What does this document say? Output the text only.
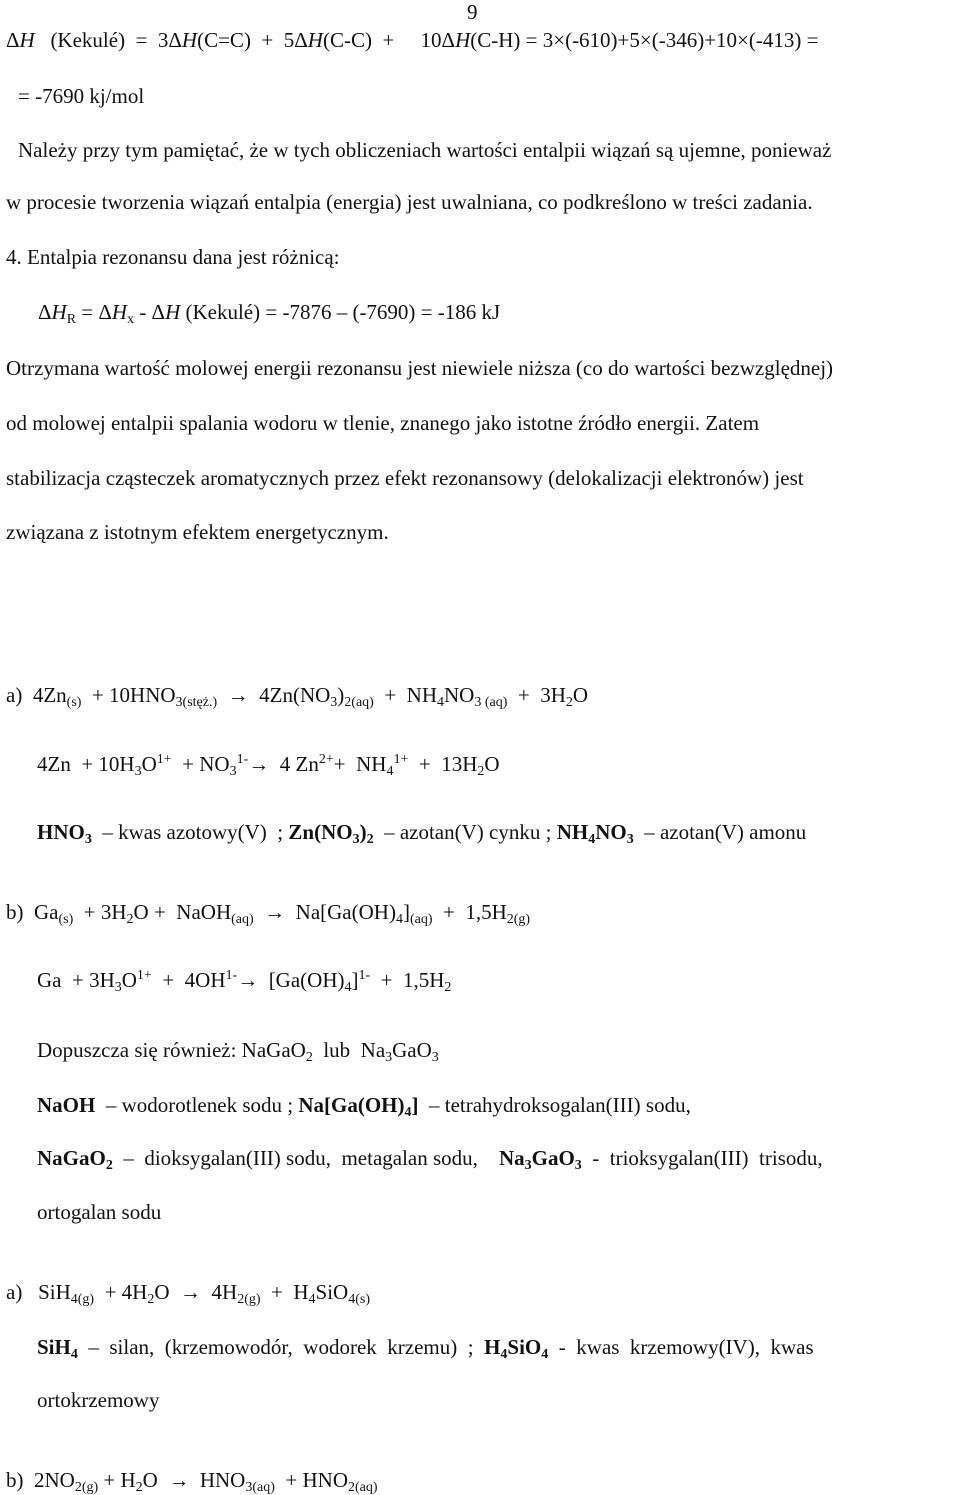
9
ΔH   (Kekulé)  =  3ΔH(C=C)  +  5ΔH(C-C)  +     10ΔH(C-H) = 3×(-610)+5×(-346)+10×(-413) =
= -7690 kj/mol
Należy przy tym pamiętać, że w tych obliczeniach wartości entalpii wiązań są ujemne, ponieważ
w procesie tworzenia wiązań entalpia (energia) jest uwalniana, co podkreślono w treści zadania.
4. Entalpia rezonansu dana jest różnicą:
$\Delta H_R = \Delta H_x - \Delta H$ (Kekulé) = -7876 – (-7690) = -186 kJ
Otrzymana wartość molowej energii rezonansu jest niewiele niższa (co do wartości bezwzględnej)
od molowej entalpii spalania wodoru w tlenie, znanego jako istotne źródło energii. Zatem
stabilizacja cząsteczek aromatycznych przez efekt rezonansowy (delokalizacji elektronów) jest
związana z istotnym efektem energetycznym.
a)  $4Zn_{(s)} + 10HNO_{3(stęż.)} \to 4Zn(NO_3)_{2(aq)} + NH_4NO_{3 (aq)} + 3H_2O$
$4Zn + 10H_3O^{1+} + NO_3^{1-}\to 4$ $Zn^{2+}+ NH_4^{1+} + 13H_2O$
$HNO_3$  – kwas azotowy(V)  ; $Zn(NO_3)_2 - azotan(V)$ cynku ; $NH_4NO_3 - azotan(V)$ amonu
b)  $Ga_{(s)} + 3H_2O$ +  NaOH$_{(aq)}$  →  $Na[Ga(OH)_4]_{(aq)} + 1,5H_{2(g)}$
$Ga + 3H_3O^{1+} + 4OH^{1-}\to [Ga(OH)_4]^{1-} + 1,5H_2$
Dopuszcza się również: NaGaO$_2$  lub  $Na_3GaO_3$
NaOH  – wodorotlenek sodu ; $Na[Ga(OH)_4]$  – tetrahydroksogalan(III) sodu,
NaGaO$_2$  –  dioksygalan(III) sodu,  metagalan sodu,    $Na_3GaO_3$  -  trioksygalan(III)  trisodu,
ortogalan sodu
a)   $SiH_{4(g)} + 4H_2O \to 4H_{2(g)} + H_4SiO_{4(s)}$
SiH$_4$  –  silan,  (krzemowodór,  wodorek  krzemu)  ;  $H_4SiO_4$  -  kwas  krzemowy(IV),  kwas
ortokrzemowy
b)  $2NO_{2(g)} + H_2O \to HNO_{3(aq)} + HNO_{2(aq)}$
